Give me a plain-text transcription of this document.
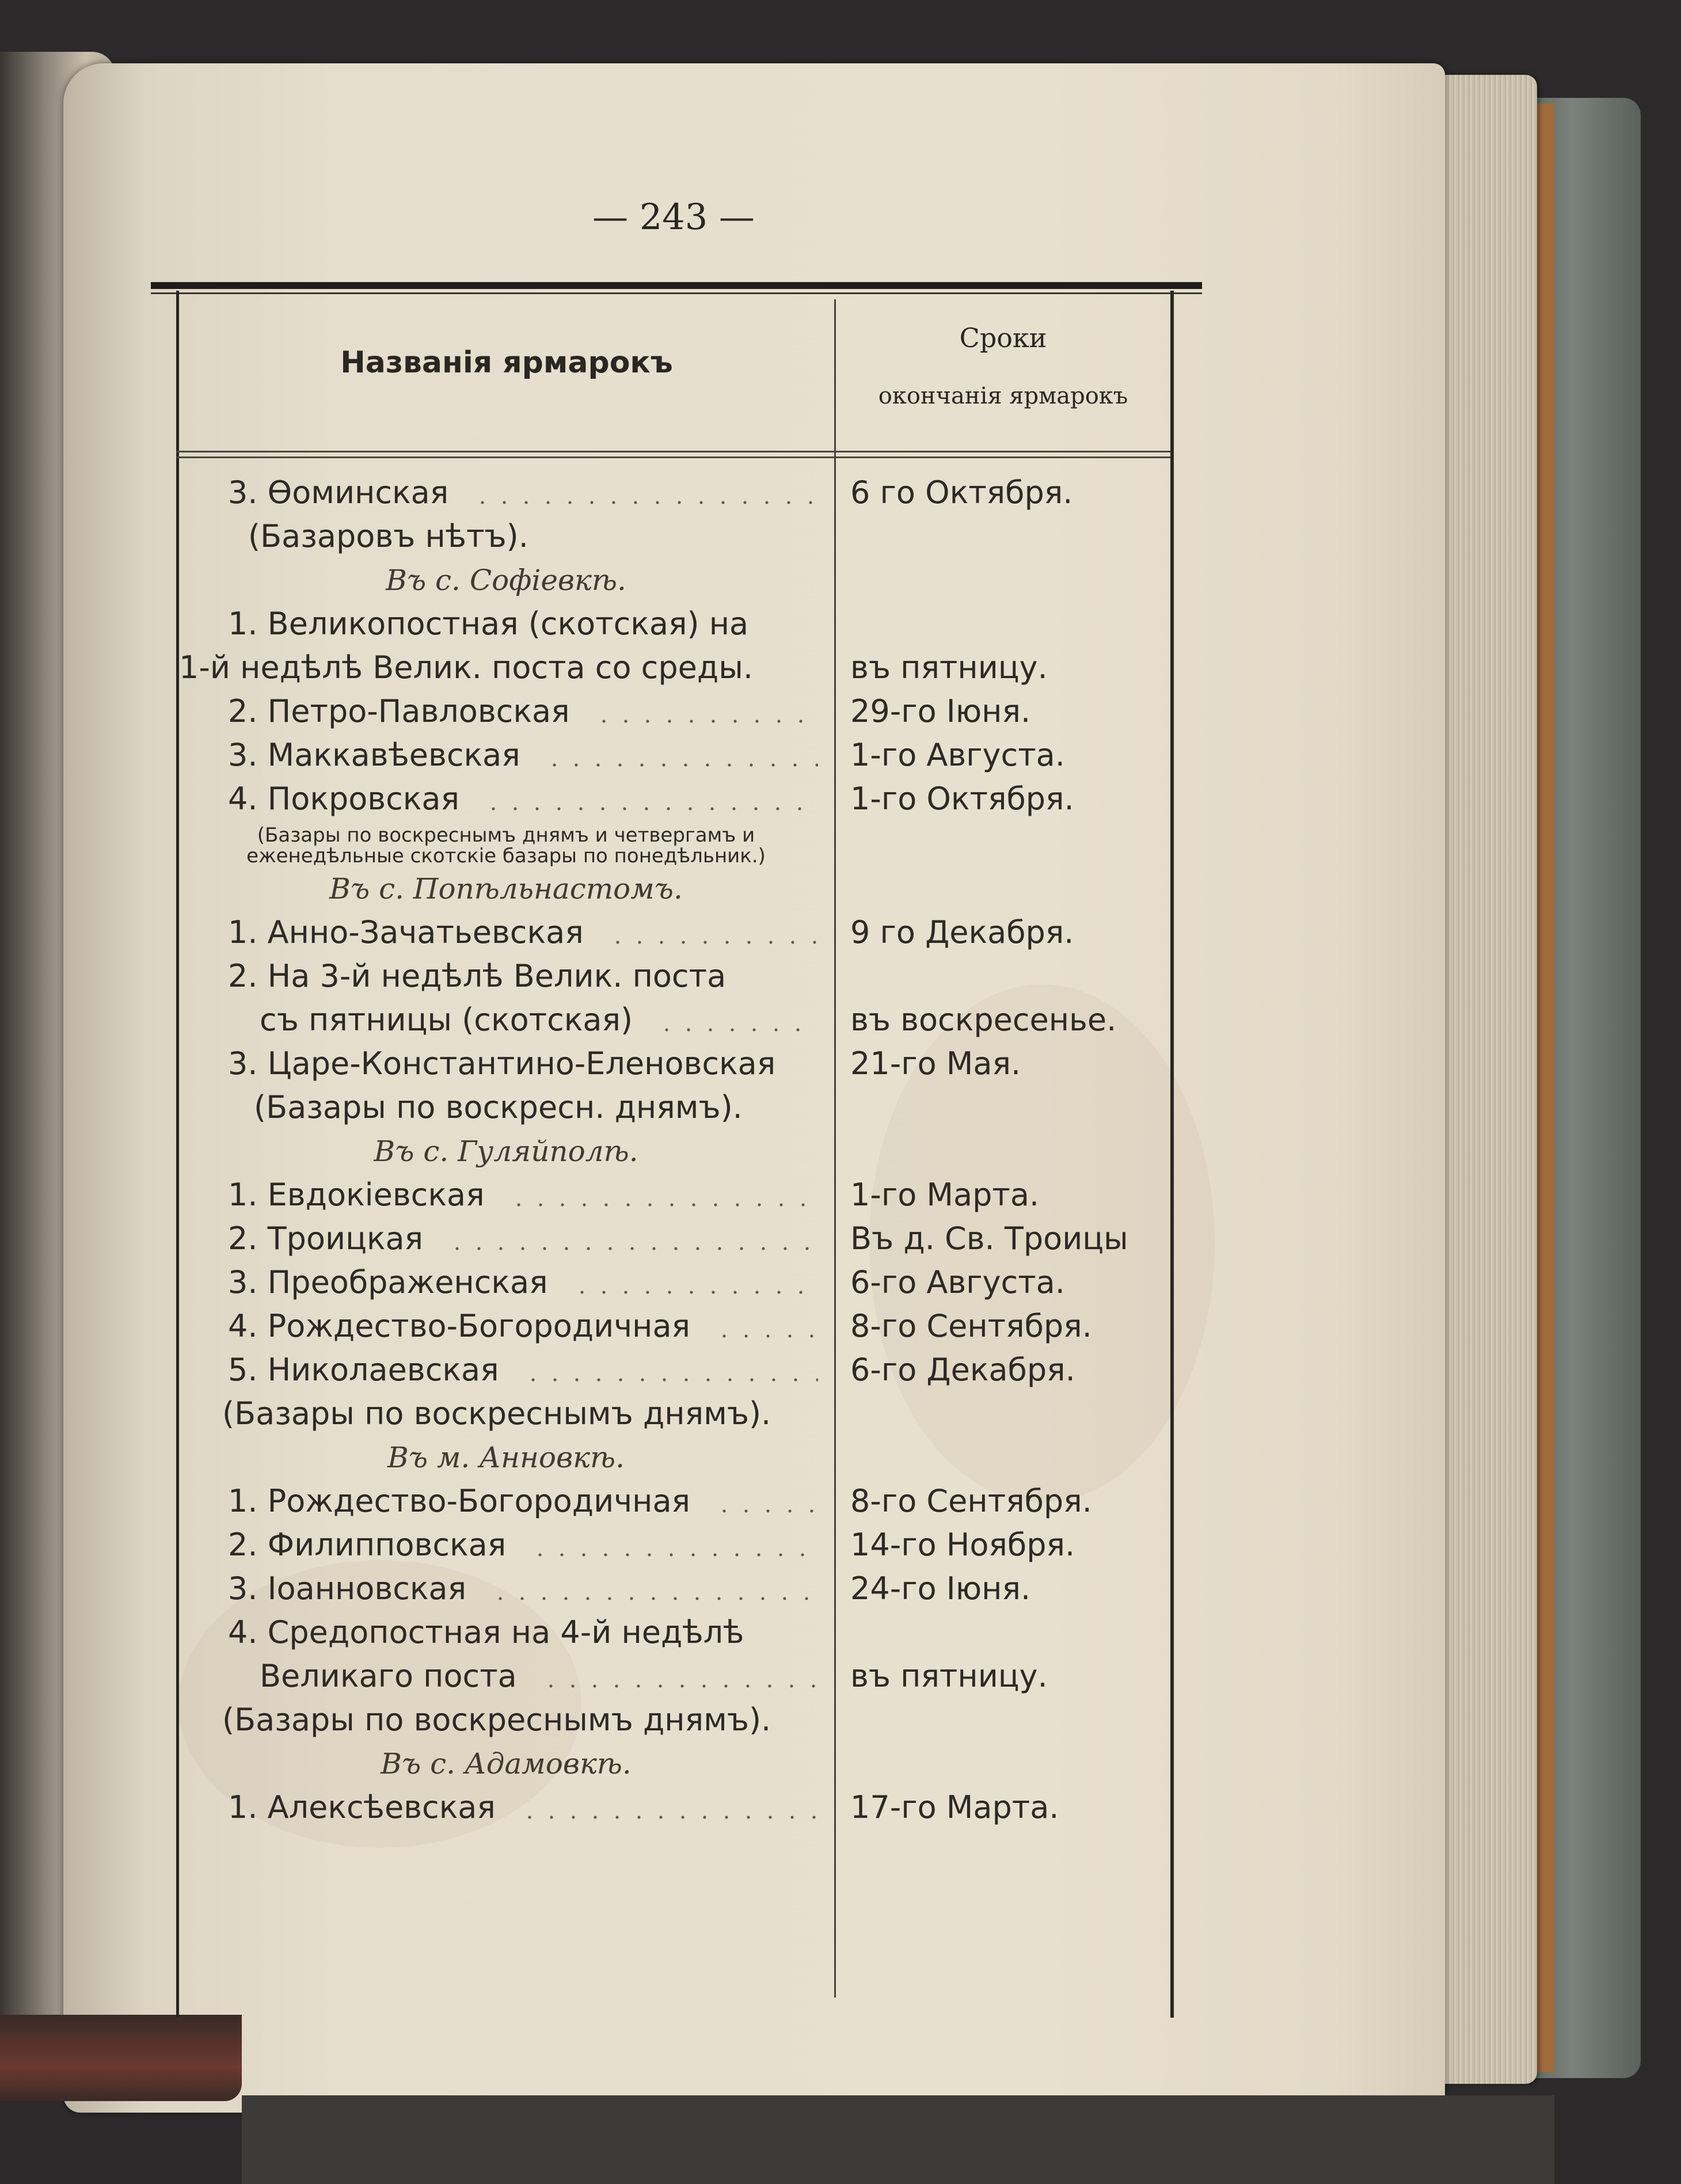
— 243 —
Названія ярмарокъ
Сроки
окончанія ярмарокъ
3. Ѳоминская	6 го Октября.
(Базаровъ нѣтъ).
Въ с. Софіевкѣ.
1. Великопостная (скотская) на
1-й недѣлѣ Велик. поста со среды.	въ пятницу.
2. Петро-Павловская	29-го Іюня.
3. Маккавѣевская	1-го Августа.
4. Покровская	1-го Октября.
(Базары по воскреснымъ днямъ и четвергамъ и
еженедѣльные скотскіе базары по понедѣльник.)
Въ с. Попѣльнастомъ.
1. Анно-Зачатьевская	9 го Декабря.
2. На 3-й недѣлѣ Велик. поста
съ пятницы (скотская)	въ воскресенье.
3. Царе-Константино-Еленовская 21-го Мая.
(Базары по воскресн. днямъ).
Въ с. Гуляйполѣ.
1. Евдокіевская	1-го Марта.
2. Троицкая	Въ д. Св. Троицы
3. Преображенская	6-го Августа.
4. Рождество-Богородичная	8-го Сентября.
5. Николаевская	6-го Декабря.
(Базары по воскреснымъ днямъ).
Въ м. Анновкѣ.
1. Рождество-Богородичная	8-го Сентября.
2. Филипповская	14-го Ноября.
3. Іоанновская	24-го Іюня.
4. Средопостная на 4-й недѣлѣ
Великаго поста	въ пятницу.
(Базары по воскреснымъ днямъ).
Въ с. Адамовкѣ.
1. Алексѣевская	17-го Марта.
